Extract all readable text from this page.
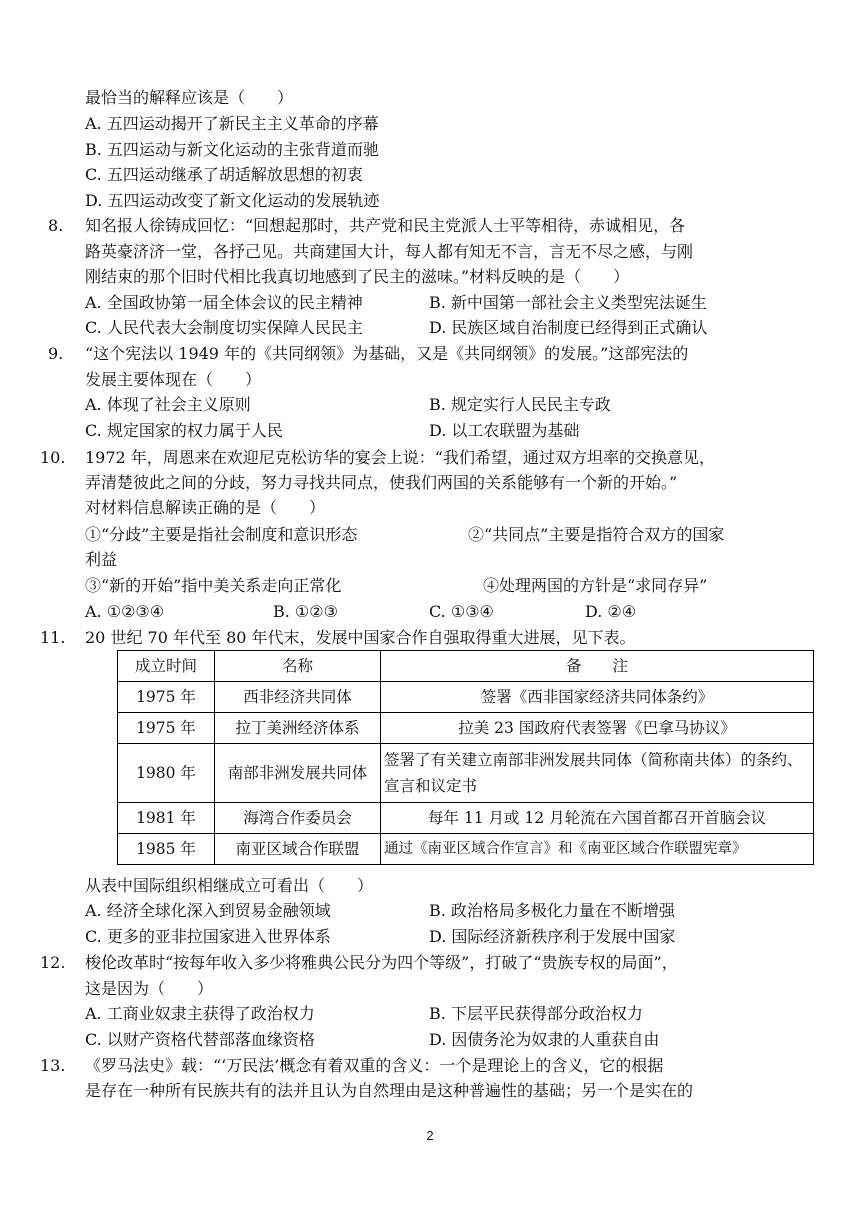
8.
9.
10.
11.
12.
13.
最恰当的解释应该是（　　）
A. 五四运动揭开了新民主主义革命的序幕
B. 五四运动与新文化运动的主张背道而驰
C. 五四运动继承了胡适解放思想的初衷
D. 五四运动改变了新文化运动的发展轨迹
知名报人徐铸成回忆：“回想起那时，共产党和民主党派人士平等相待，赤诚相见，各
路英豪济济一堂，各抒己见。共商建国大计，每人都有知无不言，言无不尽之感，与刚
刚结束的那个旧时代相比我真切地感到了民主的滋味。”材料反映的是（　　）
A. 全国政协第一届全体会议的民主精神	B. 新中国第一部社会主义类型宪法诞生
C. 人民代表大会制度切实保障人民民主	D. 民族区域自治制度已经得到正式确认
“这个宪法以 1949 年的《共同纲领》为基础，又是《共同纲领》的发展。”这部宪法的
发展主要体现在（　　）
A. 体现了社会主义原则	B. 规定实行人民民主专政
C. 规定国家的权力属于人民	D. 以工农联盟为基础
1972 年，周恩来在欢迎尼克松访华的宴会上说：“我们希望，通过双方坦率的交换意见，
弄清楚彼此之间的分歧，努力寻找共同点，使我们两国的关系能够有一个新的开始。”
对材料信息解读正确的是（　　）
①“分歧”主要是指社会制度和意识形态	②“共同点”主要是指符合双方的国家
利益
③“新的开始”指中美关系走向正常化	④处理两国的方针是“求同存异”
A. ①②③④	B. ①②③	C. ①③④	D. ②④
20 世纪 70 年代至 80 年代末，发展中国家合作自强取得重大进展，见下表。
成立时间	名称	备　　注
1975 年	西非经济共同体	签署《西非国家经济共同体条约》
1975 年	拉丁美洲经济体系	拉美 23 国政府代表签署《巴拿马协议》
1980 年	南部非洲发展共同体	签署了有关建立南部非洲发展共同体（简称南共体）的条约、宣言和议定书
1981 年	海湾合作委员会	每年 11 月或 12 月轮流在六国首都召开首脑会议
1985 年	南亚区域合作联盟	通过《南亚区域合作宣言》和《南亚区域合作联盟宪章》
从表中国际组织相继成立可看出（　　）
A. 经济全球化深入到贸易金融领域	B. 政治格局多极化力量在不断增强
C. 更多的亚非拉国家进入世界体系	D. 国际经济新秩序利于发展中国家
梭伦改革时“按每年收入多少将雅典公民分为四个等级”，打破了“贵族专权的局面”，
这是因为（　　）
A. 工商业奴隶主获得了政治权力	B. 下层平民获得部分政治权力
C. 以财产资格代替部落血缘资格	D. 因债务沦为奴隶的人重获自由
《罗马法史》载：“‘万民法’概念有着双重的含义：一个是理论上的含义，它的根据
是存在一种所有民族共有的法并且认为自然理由是这种普遍性的基础；另一个是实在的
2
